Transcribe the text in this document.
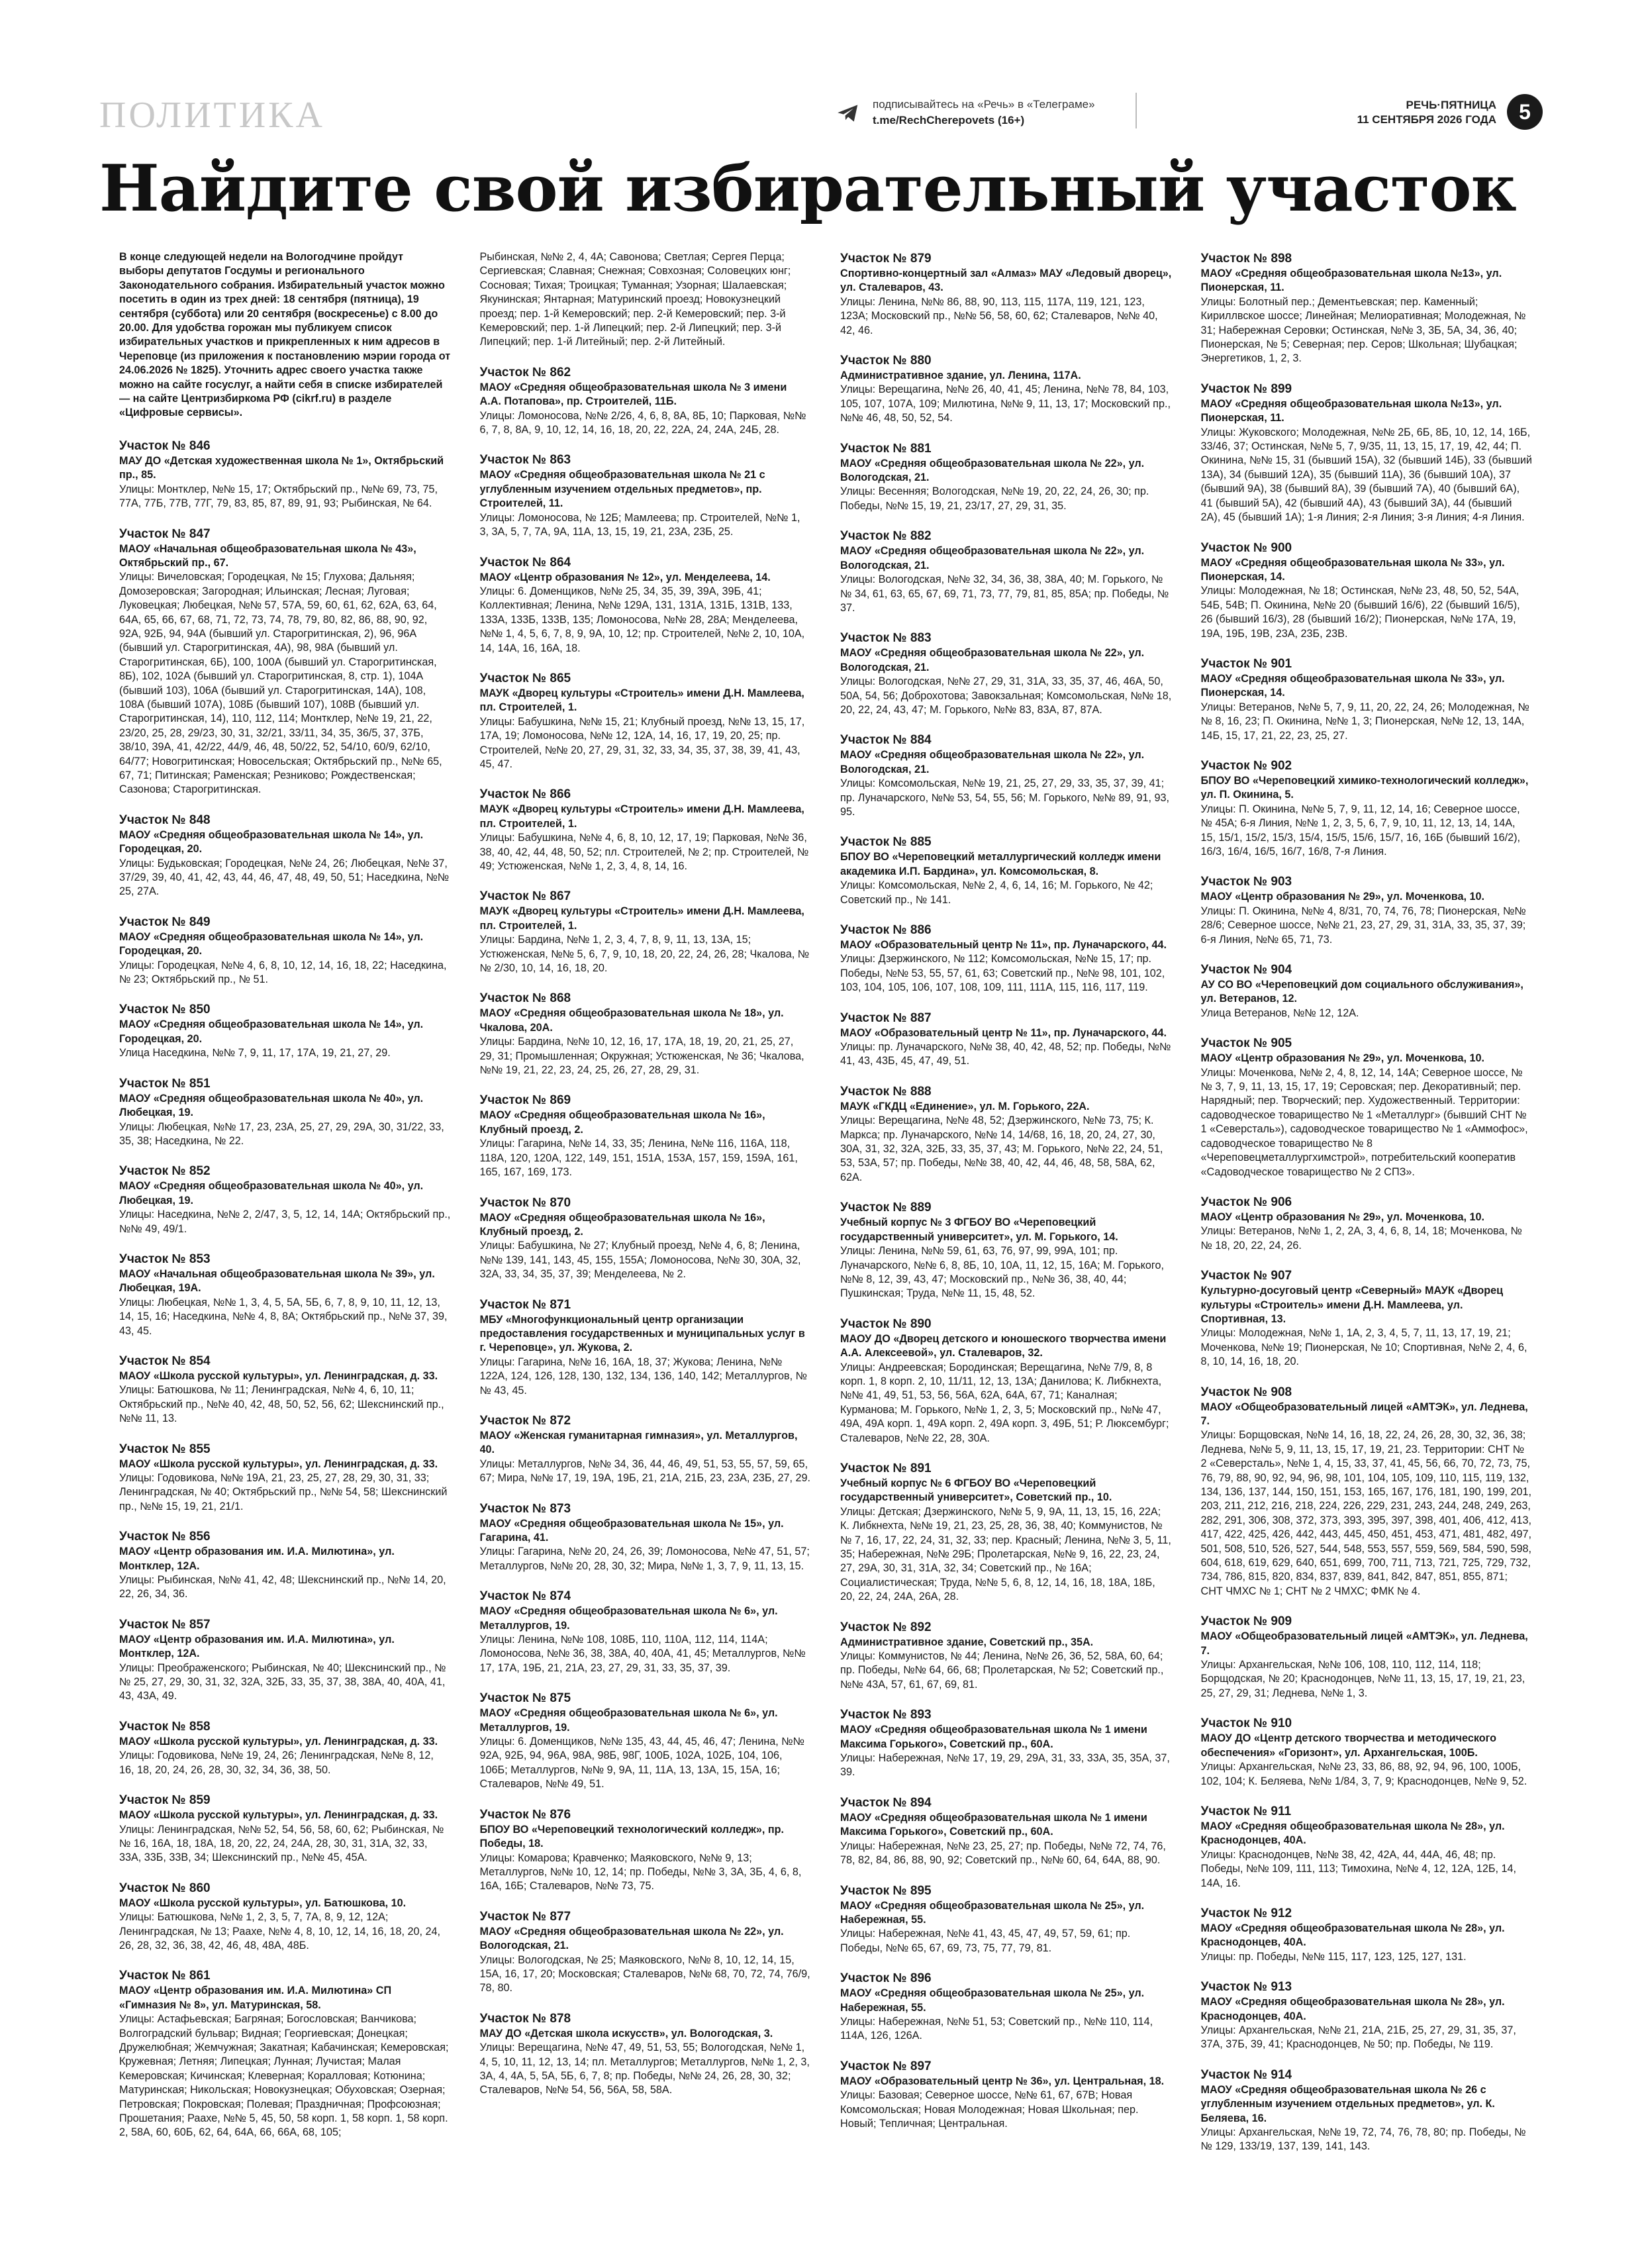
ПОЛИТИКА	подписывайтесь на «Речь» в «Телеграме»
t.me/RechCherepovets (16+)
РЕЧЬ·ПЯТНИЦА
11 СЕНТЯБРЯ 2026 ГОДА	5
Найдите свой избирательный участок
В конце следующей недели на Вологодчине пройдут выборы депутатов Госдумы и регионального Законодательного собрания. Избирательный участок можно посетить в один из трех дней: 18 сентября (пятница), 19 сентября (суббота) или 20 сентября (воскресенье) с 8.00 до 20.00. Для удобства горожан мы публикуем список избирательных участков и прикрепленных к ним адресов в Череповце (из приложения к постановлению мэрии города от 24.06.2026 № 1825). Уточнить адрес своего участка также можно на сайте госуслуг, а найти себя в списке избирателей — на сайте Центризбиркома РФ (cikrf.ru) в разделе «Цифровые сервисы».
Участок № 846
МАУ ДО «Детская художественная школа № 1», Октябрьский пр., 85.
Улицы: Монтклер, №№ 15, 17; Октябрьский пр., №№ 69, 73, 75, 77А, 77Б, 77В, 77Г, 79, 83, 85, 87, 89, 91, 93; Рыбинская, № 64.
Участок № 847
МАОУ «Начальная общеобразовательная школа № 43», Октябрьский пр., 67.
Улицы: Вичеловская; Городецкая, № 15; Глухова; Дальняя; Домозеровская; Загородная; Ильинская; Лесная; Луговая; Луковецкая; Любецкая, №№ 57, 57А, 59, 60, 61, 62, 62А, 63, 64, 64А, 65, 66, 67, 68, 71, 72, 73, 74, 78, 79, 80, 82, 86, 88, 90, 92, 92А, 92Б, 94, 94А (бывший ул. Старогритинская, 2), 96, 96А (бывший ул. Старогритинская, 4А), 98, 98А (бывший ул. Старогритинская, 6Б), 100, 100А (бывший ул. Старогритинская, 8Б), 102, 102А (бывший ул. Старогритинская, 8, стр. 1), 104А (бывший 103), 106А (бывший ул. Старогритинская, 14А), 108, 108А (бывший 107А), 108Б (бывший 107), 108В (бывший ул. Старогритинская, 14), 110, 112, 114; Монтклер, №№ 19, 21, 22, 23/20, 25, 28, 29/23, 30, 31, 32/21, 33/11, 34, 35, 36/5, 37, 37Б, 38/10, 39А, 41, 42/22, 44/9, 46, 48, 50/22, 52, 54/10, 60/9, 62/10, 64/77; Новогритинская; Новосельская; Октябрьский пр., №№ 65, 67, 71; Питинская; Раменская; Резниково; Рождественская; Сазонова; Старогритинская.
Участок № 848
МАОУ «Средняя общеобразовательная школа № 14», ул. Городецкая, 20.
Улицы: Будьковская; Городецкая, №№ 24, 26; Любецкая, №№ 37, 37/29, 39, 40, 41, 42, 43, 44, 46, 47, 48, 49, 50, 51; Наседкина, №№ 25, 27А.
Участок № 849
МАОУ «Средняя общеобразовательная школа № 14», ул. Городецкая, 20.
Улицы: Городецкая, №№ 4, 6, 8, 10, 12, 14, 16, 18, 22; Наседкина, № 23; Октябрьский пр., № 51.
Участок № 850
МАОУ «Средняя общеобразовательная школа № 14», ул. Городецкая, 20.
Улица Наседкина, №№ 7, 9, 11, 17, 17А, 19, 21, 27, 29.
Участок № 851
МАОУ «Средняя общеобразовательная школа № 40», ул. Любецкая, 19.
Улицы: Любецкая, №№ 17, 23, 23А, 25, 27, 29, 29А, 30, 31/22, 33, 35, 38; Наседкина, № 22.
Участок № 852
МАОУ «Средняя общеобразовательная школа № 40», ул. Любецкая, 19.
Улицы: Наседкина, №№ 2, 2/47, 3, 5, 12, 14, 14А; Октябрьский пр., №№ 49, 49/1.
Участок № 853
МАОУ «Начальная общеобразовательная школа № 39», ул. Любецкая, 19А.
Улицы: Любецкая, №№ 1, 3, 4, 5, 5А, 5Б, 6, 7, 8, 9, 10, 11, 12, 13, 14, 15, 16; Наседкина, №№ 4, 8, 8А; Октябрьский пр., №№ 37, 39, 43, 45.
Участок № 854
МАОУ «Школа русской культуры», ул. Ленинградская, д. 33.
Улицы: Батюшкова, № 11; Ленинградская, №№ 4, 6, 10, 11; Октябрьский пр., №№ 40, 42, 48, 50, 52, 56, 62; Шекснинский пр., №№ 11, 13.
Участок № 855
МАОУ «Школа русской культуры», ул. Ленинградская, д. 33.
Улицы: Годовикова, №№ 19А, 21, 23, 25, 27, 28, 29, 30, 31, 33; Ленинградская, № 40; Октябрьский пр., №№ 54, 58; Шекснинский пр., №№ 15, 19, 21, 21/1.
Участок № 856
МАОУ «Центр образования им. И.А. Милютина», ул. Монтклер, 12А.
Улицы: Рыбинская, №№ 41, 42, 48; Шекснинский пр., №№ 14, 20, 22, 26, 34, 36.
Участок № 857
МАОУ «Центр образования им. И.А. Милютина», ул. Монтклер, 12А.
Улицы: Преображенского; Рыбинская, № 40; Шекснинский пр., №№ 25, 27, 29, 30, 31, 32, 32А, 32Б, 33, 35, 37, 38, 38А, 40, 40А, 41, 43, 43А, 49.
Участок № 858
МАОУ «Школа русской культуры», ул. Ленинградская, д. 33.
Улицы: Годовикова, №№ 19, 24, 26; Ленинградская, №№ 8, 12, 16, 18, 20, 24, 26, 28, 30, 32, 34, 36, 38, 50.
Участок № 859
МАОУ «Школа русской культуры», ул. Ленинградская, д. 33.
Улицы: Ленинградская, №№ 52, 54, 56, 58, 60, 62; Рыбинская, №№ 16, 16А, 18, 18А, 18, 20, 22, 24, 24А, 28, 30, 31, 31А, 32, 33, 33А, 33Б, 33В, 34; Шекснинский пр., №№ 45, 45А.
Участок № 860
МАОУ «Школа русской культуры», ул. Батюшкова, 10.
Улицы: Батюшкова, №№ 1, 2, 3, 5, 7, 7А, 8, 9, 12, 12А; Ленинградская, № 13; Раахе, №№ 4, 8, 10, 12, 14, 16, 18, 20, 24, 26, 28, 32, 36, 38, 42, 46, 48, 48А, 48Б.
Участок № 861
МАОУ «Центр образования им. И.А. Милютина» СП «Гимназия № 8», ул. Матуринская, 58.
Улицы: Астафьевская; Багряная; Богословская; Ванчикова; Волгоградский бульвар; Видная; Георгиевская; Донецкая; Дружелюбная; Жемчужная; Закатная; Кабачинская; Кемеровская; Кружевная; Летняя; Липецкая; Лунная; Лучистая; Малая Кемеровская; Кичинская; Клеверная; Коралловая; Котюнина; Матуринская; Никольская; Новокузнецкая; Обуховская; Озерная; Петровская; Покровская; Полевая; Праздничная; Профсоюзная; Прошетания; Раахе, №№ 5, 45, 50, 58 корп. 1, 58 корп. 1, 58 корп. 2, 58А, 60, 60Б, 62, 64, 64А, 66, 66А, 68, 105;
Рыбинская, №№ 2, 4, 4А; Савонова; Светлая; Сергея Перца; Сергиевская; Славная; Снежная; Совхозная; Соловецких юнг; Сосновая; Тихая; Троицкая; Туманная; Узорная; Шалаевская; Якунинская; Янтарная; Матуринский проезд; Новокузнецкий проезд; пер. 1-й Кемеровский; пер. 2-й Кемеровский; пер. 3-й Кемеровский; пер. 1-й Липецкий; пер. 2-й Липецкий; пер. 3-й Липецкий; пер. 1-й Литейный; пер. 2-й Литейный.
Участок № 862
МАОУ «Средняя общеобразовательная школа № 3 имени А.А. Потапова», пр. Строителей, 11Б.
Улицы: Ломоносова, №№ 2/26, 4, 6, 8, 8А, 8Б, 10; Парковая, №№ 6, 7, 8, 8А, 9, 10, 12, 14, 16, 18, 20, 22, 22А, 24, 24А, 24Б, 28.
Участок № 863
МАОУ «Средняя общеобразовательная школа № 21 с углубленным изучением отдельных предметов», пр. Строителей, 11.
Улицы: Ломоносова, № 12Б; Мамлеева; пр. Строителей, №№ 1, 3, 3А, 5, 7, 7А, 9А, 11А, 13, 15, 19, 21, 23А, 23Б, 25.
Участок № 864
МАОУ «Центр образования № 12», ул. Менделеева, 14.
Улицы: 6. Доменщиков, №№ 25, 34, 35, 39, 39А, 39Б, 41; Коллективная; Ленина, №№ 129А, 131, 131А, 131Б, 131В, 133, 133А, 133Б, 133В, 135; Ломоносова, №№ 28, 28А; Менделеева, №№ 1, 4, 5, 6, 7, 8, 9, 9А, 10, 12; пр. Строителей, №№ 2, 10, 10А, 14, 14А, 16, 16А, 18.
Участок № 865
МАУК «Дворец культуры «Строитель» имени Д.Н. Мамлеева, пл. Строителей, 1.
Улицы: Бабушкина, №№ 15, 21; Клубный проезд, №№ 13, 15, 17, 17А, 19; Ломоносова, №№ 12, 12А, 14, 16, 17, 19, 20, 25; пр. Строителей, №№ 20, 27, 29, 31, 32, 33, 34, 35, 37, 38, 39, 41, 43, 45, 47.
Участок № 866
МАУК «Дворец культуры «Строитель» имени Д.Н. Мамлеева, пл. Строителей, 1.
Улицы: Бабушкина, №№ 4, 6, 8, 10, 12, 17, 19; Парковая, №№ 36, 38, 40, 42, 44, 48, 50, 52; пл. Строителей, № 2; пр. Строителей, № 49; Устюженская, №№ 1, 2, 3, 4, 8, 14, 16.
Участок № 867
МАУК «Дворец культуры «Строитель» имени Д.Н. Мамлеева, пл. Строителей, 1.
Улицы: Бардина, №№ 1, 2, 3, 4, 7, 8, 9, 11, 13, 13А, 15; Устюженская, №№ 5, 6, 7, 9, 10, 18, 20, 22, 24, 26, 28; Чкалова, №№ 2/30, 10, 14, 16, 18, 20.
Участок № 868
МАОУ «Средняя общеобразовательная школа № 18», ул. Чкалова, 20А.
Улицы: Бардина, №№ 10, 12, 16, 17, 17А, 18, 19, 20, 21, 25, 27, 29, 31; Промышленная; Окружная; Устюженская, № 36; Чкалова, №№ 19, 21, 22, 23, 24, 25, 26, 27, 28, 29, 31.
Участок № 869
МАОУ «Средняя общеобразовательная школа № 16», Клубный проезд, 2.
Улицы: Гагарина, №№ 14, 33, 35; Ленина, №№ 116, 116А, 118, 118А, 120, 120А, 122, 149, 151, 151А, 153А, 157, 159, 159А, 161, 165, 167, 169, 173.
Участок № 870
МАОУ «Средняя общеобразовательная школа № 16», Клубный проезд, 2.
Улицы: Бабушкина, № 27; Клубный проезд, №№ 4, 6, 8; Ленина, №№ 139, 141, 143, 45, 155, 155А; Ломоносова, №№ 30, 30А, 32, 32А, 33, 34, 35, 37, 39; Менделеева, № 2.
Участок № 871
МБУ «Многофункциональный центр организации предоставления государственных и муниципальных услуг в г. Череповце», ул. Жукова, 2.
Улицы: Гагарина, №№ 16, 16А, 18, 37; Жукова; Ленина, №№ 122А, 124, 126, 128, 130, 132, 134, 136, 140, 142; Металлургов, №№ 43, 45.
Участок № 872
МАОУ «Женская гуманитарная гимназия», ул. Металлургов, 40.
Улицы: Металлургов, №№ 34, 36, 44, 46, 49, 51, 53, 55, 57, 59, 65, 67; Мира, №№ 17, 19, 19А, 19Б, 21, 21А, 21Б, 23, 23А, 23Б, 27, 29.
Участок № 873
МАОУ «Средняя общеобразовательная школа № 15», ул. Гагарина, 41.
Улицы: Гагарина, №№ 20, 24, 26, 39; Ломоносова, №№ 47, 51, 57; Металлургов, №№ 20, 28, 30, 32; Мира, №№ 1, 3, 7, 9, 11, 13, 15.
Участок № 874
МАОУ «Средняя общеобразовательная школа № 6», ул. Металлургов, 19.
Улицы: Ленина, №№ 108, 108Б, 110, 110А, 112, 114, 114А; Ломоносова, №№ 36, 38, 38А, 40, 40А, 41, 45; Металлургов, №№ 17, 17А, 19Б, 21, 21А, 23, 27, 29, 31, 33, 35, 37, 39.
Участок № 875
МАОУ «Средняя общеобразовательная школа № 6», ул. Металлургов, 19.
Улицы: 6. Доменщиков, №№ 135, 43, 44, 45, 46, 47; Ленина, №№ 92А, 92Б, 94, 96А, 98А, 98Б, 98Г, 100Б, 102А, 102Б, 104, 106, 106Б; Металлургов, №№ 9, 9А, 11, 11А, 13, 13А, 15, 15А, 16; Сталеваров, №№ 49, 51.
Участок № 876
БПОУ ВО «Череповецкий технологический колледж», пр. Победы, 18.
Улицы: Комарова; Кравченко; Маяковского, №№ 9, 13; Металлургов, №№ 10, 12, 14; пр. Победы, №№ 3, 3А, 3Б, 4, 6, 8, 16А, 16Б; Сталеваров, №№ 73, 75.
Участок № 877
МАОУ «Средняя общеобразовательная школа № 22», ул. Вологодская, 21.
Улицы: Вологодская, № 25; Маяковского, №№ 8, 10, 12, 14, 15, 15А, 16, 17, 20; Московская; Сталеваров, №№ 68, 70, 72, 74, 76/9, 78, 80.
Участок № 878
МАУ ДО «Детская школа искусств», ул. Вологодская, 3.
Улицы: Верещагина, №№ 47, 49, 51, 53, 55; Вологодская, №№ 1, 4, 5, 10, 11, 12, 13, 14; пл. Металлургов; Металлургов, №№ 1, 2, 3, 3А, 4, 4А, 5, 5А, 5Б, 6, 7, 8; пр. Победы, №№ 24, 26, 28, 30, 32; Сталеваров, №№ 54, 56, 56А, 58, 58А.
Участок № 879
Спортивно-концертный зал «Алмаз» МАУ «Ледовый дворец», ул. Сталеваров, 43.
Улицы: Ленина, №№ 86, 88, 90, 113, 115, 117А, 119, 121, 123, 123А; Московский пр., №№ 56, 58, 60, 62; Сталеваров, №№ 40, 42, 46.
Участок № 880
Административное здание, ул. Ленина, 117А.
Улицы: Верещагина, №№ 26, 40, 41, 45; Ленина, №№ 78, 84, 103, 105, 107, 107А, 109; Милютина, №№ 9, 11, 13, 17; Московский пр., №№ 46, 48, 50, 52, 54.
Участок № 881
МАОУ «Средняя общеобразовательная школа № 22», ул. Вологодская, 21.
Улицы: Весенняя; Вологодская, №№ 19, 20, 22, 24, 26, 30; пр. Победы, №№ 15, 19, 21, 23/17, 27, 29, 31, 35.
Участок № 882
МАОУ «Средняя общеобразовательная школа № 22», ул. Вологодская, 21.
Улицы: Вологодская, №№ 32, 34, 36, 38, 38А, 40; М. Горького, №№ 34, 61, 63, 65, 67, 69, 71, 73, 77, 79, 81, 85, 85А; пр. Победы, № 37.
Участок № 883
МАОУ «Средняя общеобразовательная школа № 22», ул. Вологодская, 21.
Улицы: Вологодская, №№ 27, 29, 31, 31А, 33, 35, 37, 46, 46А, 50, 50А, 54, 56; Доброхотова; Завокзальная; Комсомольская, №№ 18, 20, 22, 24, 43, 47; М. Горького, №№ 83, 83А, 87, 87А.
Участок № 884
МАОУ «Средняя общеобразовательная школа № 22», ул. Вологодская, 21.
Улицы: Комсомольская, №№ 19, 21, 25, 27, 29, 33, 35, 37, 39, 41; пр. Луначарского, №№ 53, 54, 55, 56; М. Горького, №№ 89, 91, 93, 95.
Участок № 885
БПОУ ВО «Череповецкий металлургический колледж имени академика И.П. Бардина», ул. Комсомольская, 8.
Улицы: Комсомольская, №№ 2, 4, 6, 14, 16; М. Горького, № 42; Советский пр., № 141.
Участок № 886
МАОУ «Образовательный центр № 11», пр. Луначарского, 44.
Улицы: Дзержинского, № 112; Комсомольская, №№ 15, 17; пр. Победы, №№ 53, 55, 57, 61, 63; Советский пр., №№ 98, 101, 102, 103, 104, 105, 106, 107, 108, 109, 111, 111А, 115, 116, 117, 119.
Участок № 887
МАОУ «Образовательный центр № 11», пр. Луначарского, 44.
Улицы: пр. Луначарского, №№ 38, 40, 42, 48, 52; пр. Победы, №№ 41, 43, 43Б, 45, 47, 49, 51.
Участок № 888
МАУК «ГКДЦ «Единение», ул. М. Горького, 22А.
Улицы: Верещагина, №№ 48, 52; Дзержинского, №№ 73, 75; К. Маркса; пр. Луначарского, №№ 14, 14/68, 16, 18, 20, 24, 27, 30, 30А, 31, 32, 32А, 32Б, 33, 35, 37, 43; М. Горького, №№ 22, 24, 51, 53, 53А, 57; пр. Победы, №№ 38, 40, 42, 44, 46, 48, 58, 58А, 62, 62А.
Участок № 889
Учебный корпус № 3 ФГБОУ ВО «Череповецкий государственный университет», ул. М. Горького, 14.
Улицы: Ленина, №№ 59, 61, 63, 76, 97, 99, 99А, 101; пр. Луначарского, №№ 6, 8, 8Б, 10, 10А, 11, 12, 15, 16А; М. Горького, №№ 8, 12, 39, 43, 47; Московский пр., №№ 36, 38, 40, 44; Пушкинская; Труда, №№ 11, 15, 48, 52.
Участок № 890
МАОУ ДО «Дворец детского и юношеского творчества имени А.А. Алексеевой», ул. Сталеваров, 32.
Улицы: Андреевская; Бородинская; Верещагина, №№ 7/9, 8, 8 корп. 1, 8 корп. 2, 10, 11/11, 12, 13, 13А; Данилова; К. Либкнехта, №№ 41, 49, 51, 53, 56, 56А, 62А, 64А, 67, 71; Каналная; Курманова; М. Горького, №№ 1, 2, 3, 5; Московский пр., №№ 47, 49А, 49А корп. 1, 49А корп. 2, 49А корп. 3, 49Б, 51; Р. Люксембург; Сталеваров, №№ 22, 28, 30А.
Участок № 891
Учебный корпус № 6 ФГБОУ ВО «Череповецкий государственный университет», Советский пр., 10.
Улицы: Детская; Дзержинского, №№ 5, 9, 9А, 11, 13, 15, 16, 22А; К. Либкнехта, №№ 19, 21, 23, 25, 28, 36, 38, 40; Коммунистов, №№ 7, 16, 17, 22, 24, 31, 32, 33; пер. Красный; Ленина, №№ 3, 5, 11, 35; Набережная, №№ 29Б; Пролетарская, №№ 9, 16, 22, 23, 24, 27, 29А, 30, 31, 31А, 32, 34; Советский пр., № 16А; Социалистическая; Труда, №№ 5, 6, 8, 12, 14, 16, 18, 18А, 18Б, 20, 22, 24, 24А, 26А, 28.
Участок № 892
Административное здание, Советский пр., 35А.
Улицы: Коммунистов, № 44; Ленина, №№ 26, 36, 52, 58А, 60, 64; пр. Победы, №№ 64, 66, 68; Пролетарская, № 52; Советский пр., №№ 43А, 57, 61, 67, 69, 81.
Участок № 893
МАОУ «Средняя общеобразовательная школа № 1 имени Максима Горького», Советский пр., 60А.
Улицы: Набережная, №№ 17, 19, 29, 29А, 31, 33, 33А, 35, 35А, 37, 39.
Участок № 894
МАОУ «Средняя общеобразовательная школа № 1 имени Максима Горького», Советский пр., 60А.
Улицы: Набережная, №№ 23, 25, 27; пр. Победы, №№ 72, 74, 76, 78, 82, 84, 86, 88, 90, 92; Советский пр., №№ 60, 64, 64А, 88, 90.
Участок № 895
МАОУ «Средняя общеобразовательная школа № 25», ул. Набережная, 55.
Улицы: Набережная, №№ 41, 43, 45, 47, 49, 57, 59, 61; пр. Победы, №№ 65, 67, 69, 73, 75, 77, 79, 81.
Участок № 896
МАОУ «Средняя общеобразовательная школа № 25», ул. Набережная, 55.
Улицы: Набережная, №№ 51, 53; Советский пр., №№ 110, 114, 114А, 126, 126А.
Участок № 897
МАОУ «Образовательный центр № 36», ул. Центральная, 18.
Улицы: Базовая; Северное шоссе, №№ 61, 67, 67В; Новая Комсомольская; Новая Молодежная; Новая Школьная; пер. Новый; Тепличная; Центральная.
Участок № 898
МАОУ «Средняя общеобразовательная школа №13», ул. Пионерская, 11.
Улицы: Болотный пер.; Дементьевская; пер. Каменный; Кириллвское шоссе; Линейная; Мелиоративная; Молодежная, № 31; Набережная Серовки; Остинская, №№ 3, 3Б, 5А, 34, 36, 40; Пионерская, № 5; Северная; пер. Серов; Школьная; Шубацкая; Энергетиков, 1, 2, 3.
Участок № 899
МАОУ «Средняя общеобразовательная школа №13», ул. Пионерская, 11.
Улицы: Жуковского; Молодежная, №№ 2Б, 6Б, 8Б, 10, 12, 14, 16Б, 33/46, 37; Остинская, №№ 5, 7, 9/35, 11, 13, 15, 17, 19, 42, 44; П. Окинина, №№ 15, 31 (бывший 15А), 32 (бывший 14Б), 33 (бывший 13А), 34 (бывший 12А), 35 (бывший 11А), 36 (бывший 10А), 37 (бывший 9А), 38 (бывший 8А), 39 (бывший 7А), 40 (бывший 6А), 41 (бывший 5А), 42 (бывший 4А), 43 (бывший 3А), 44 (бывший 2А), 45 (бывший 1А); 1-я Линия; 2-я Линия; 3-я Линия; 4-я Линия.
Участок № 900
МАОУ «Средняя общеобразовательная школа № 33», ул. Пионерская, 14.
Улицы: Молодежная, № 18; Остинская, №№ 23, 48, 50, 52, 54А, 54Б, 54В; П. Окинина, №№ 20 (бывший 16/6), 22 (бывший 16/5), 26 (бывший 16/3), 28 (бывший 16/2); Пионерская, №№ 17А, 19, 19А, 19Б, 19В, 23А, 23Б, 23В.
Участок № 901
МАОУ «Средняя общеобразовательная школа № 33», ул. Пионерская, 14.
Улицы: Ветеранов, №№ 5, 7, 9, 11, 20, 22, 24, 26; Молодежная, №№ 8, 16, 23; П. Окинина, №№ 1, 3; Пионерская, №№ 12, 13, 14А, 14Б, 15, 17, 21, 22, 23, 25, 27.
Участок № 902
БПОУ ВО «Череповецкий химико-технологический колледж», ул. П. Окинина, 5.
Улицы: П. Окинина, №№ 5, 7, 9, 11, 12, 14, 16; Северное шоссе, № 45А; 6-я Линия, №№ 1, 2, 3, 5, 6, 7, 9, 10, 11, 12, 13, 14, 14А, 15, 15/1, 15/2, 15/3, 15/4, 15/5, 15/6, 15/7, 16, 16Б (бывший 16/2), 16/3, 16/4, 16/5, 16/7, 16/8, 7-я Линия.
Участок № 903
МАОУ «Центр образования № 29», ул. Моченкова, 10.
Улицы: П. Окинина, №№ 4, 8/31, 70, 74, 76, 78; Пионерская, №№ 28/6; Северное шоссе, №№ 21, 23, 27, 29, 31, 31А, 33, 35, 37, 39; 6-я Линия, №№ 65, 71, 73.
Участок № 904
АУ СО ВО «Череповецкий дом социального обслуживания», ул. Ветеранов, 12.
Улица Ветеранов, №№ 12, 12А.
Участок № 905
МАОУ «Центр образования № 29», ул. Моченкова, 10.
Улицы: Моченкова, №№ 2, 4, 8, 12, 14, 14А; Северное шоссе, №№ 3, 7, 9, 11, 13, 15, 17, 19; Серовская; пер. Декоративный; пер. Нарядный; пер. Творческий; пер. Художественный. Территории: садоводческое товарищество № 1 «Металлург» (бывший СНТ № 1 «Северсталь»), садоводческое товарищество № 1 «Аммофос», садоводческое товарищество № 8 «Череповецметаллургхимстрой», потребительский кооператив «Садоводческое товарищество № 2 СПЗ».
Участок № 906
МАОУ «Центр образования № 29», ул. Моченкова, 10.
Улицы: Ветеранов, №№ 1, 2, 2А, 3, 4, 6, 8, 14, 18; Моченкова, №№ 18, 20, 22, 24, 26.
Участок № 907
Культурно-досуговый центр «Северный» МАУК «Дворец культуры «Строитель» имени Д.Н. Мамлеева, ул. Спортивная, 13.
Улицы: Молодежная, №№ 1, 1А, 2, 3, 4, 5, 7, 11, 13, 17, 19, 21; Моченкова, №№ 19; Пионерская, № 10; Спортивная, №№ 2, 4, 6, 8, 10, 14, 16, 18, 20.
Участок № 908
МАОУ «Общеобразовательный лицей «АМТЭК», ул. Леднева, 7.
Улицы: Борщовская, №№ 14, 16, 18, 22, 24, 26, 28, 30, 32, 36, 38; Леднева, №№ 5, 9, 11, 13, 15, 17, 19, 21, 23. Территории: СНТ № 2 «Северсталь», №№ 1, 4, 15, 33, 37, 41, 45, 56, 66, 70, 72, 73, 75, 76, 79, 88, 90, 92, 94, 96, 98, 101, 104, 105, 109, 110, 115, 119, 132, 134, 136, 137, 144, 150, 151, 153, 165, 167, 176, 181, 190, 199, 201, 203, 211, 212, 216, 218, 224, 226, 229, 231, 243, 244, 248, 249, 263, 282, 291, 306, 308, 372, 373, 393, 395, 397, 398, 401, 406, 412, 413, 417, 422, 425, 426, 442, 443, 445, 450, 451, 453, 471, 481, 482, 497, 501, 508, 510, 526, 527, 544, 548, 553, 557, 559, 569, 584, 590, 598, 604, 618, 619, 629, 640, 651, 699, 700, 711, 713, 721, 725, 729, 732, 734, 786, 815, 820, 834, 837, 839, 841, 842, 847, 851, 855, 871; СНТ ЧМХС № 1; СНТ № 2 ЧМХС; ФМК № 4.
Участок № 909
МАОУ «Общеобразовательный лицей «АМТЭК», ул. Леднева, 7.
Улицы: Архангельская, №№ 106, 108, 110, 112, 114, 118; Борщодская, № 20; Краснодонцев, №№ 11, 13, 15, 17, 19, 21, 23, 25, 27, 29, 31; Леднева, №№ 1, 3.
Участок № 910
МАОУ ДО «Центр детского творчества и методического обеспечения» «Горизонт», ул. Архангельская, 100Б.
Улицы: Архангельская, №№ 23, 33, 86, 88, 92, 94, 96, 100, 100Б, 102, 104; К. Беляева, №№ 1/84, 3, 7, 9; Краснодонцев, №№ 9, 52.
Участок № 911
МАОУ «Средняя общеобразовательная школа № 28», ул. Краснодонцев, 40А.
Улицы: Краснодонцев, №№ 38, 42, 42А, 44, 44А, 46, 48; пр. Победы, №№ 109, 111, 113; Тимохина, №№ 4, 12, 12А, 12Б, 14, 14А, 16.
Участок № 912
МАОУ «Средняя общеобразовательная школа № 28», ул. Краснодонцев, 40А.
Улицы: пр. Победы, №№ 115, 117, 123, 125, 127, 131.
Участок № 913
МАОУ «Средняя общеобразовательная школа № 28», ул. Краснодонцев, 40А.
Улицы: Архангельская, №№ 21, 21А, 21Б, 25, 27, 29, 31, 35, 37, 37А, 37Б, 39, 41; Краснодонцев, № 50; пр. Победы, № 119.
Участок № 914
МАОУ «Средняя общеобразовательная школа № 26 с углубленным изучением отдельных предметов», ул. К. Беляева, 16.
Улицы: Архангельская, №№ 19, 72, 74, 76, 78, 80; пр. Победы, №№ 129, 133/19, 137, 139, 141, 143.
